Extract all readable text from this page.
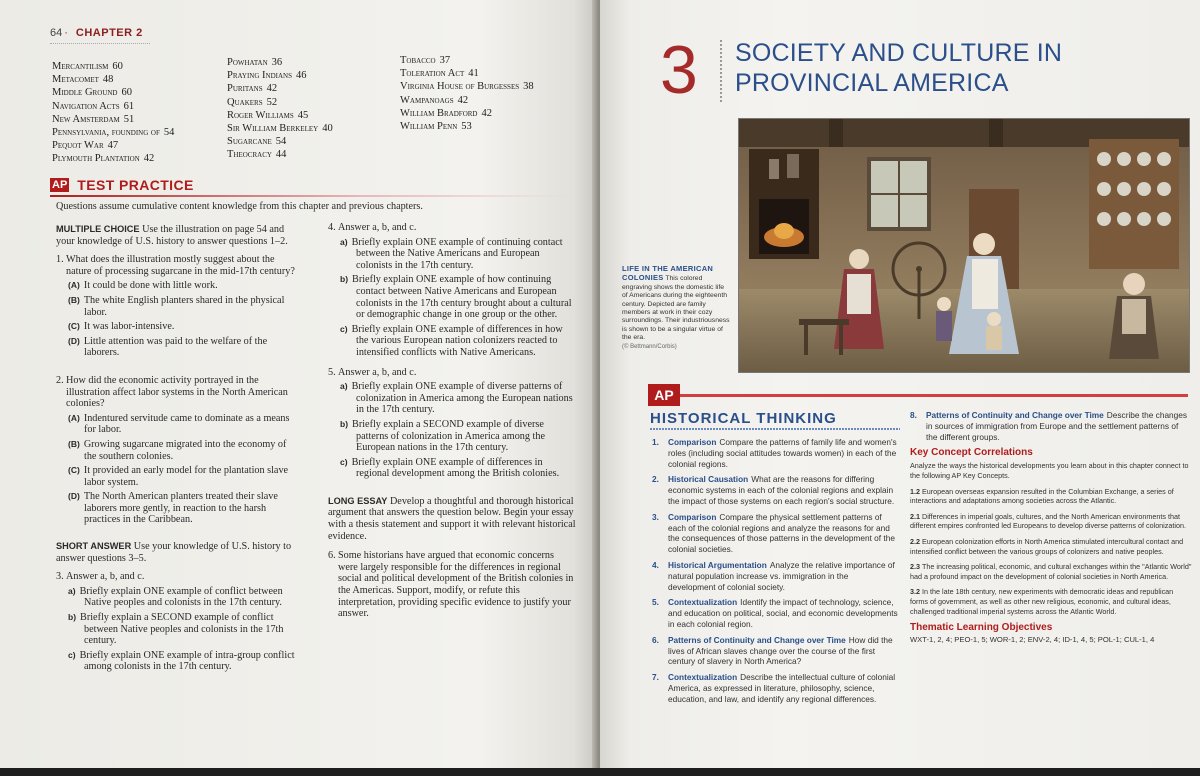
64 · CHAPTER 2
Mercantilism 60
Metacomet 48
Middle Ground 60
Navigation Acts 61
New Amsterdam 51
Pennsylvania, founding of 54
Pequot War 47
Plymouth Plantation 42
Powhatan 36
Praying Indians 46
Puritans 42
Quakers 52
Roger Williams 45
Sir William Berkeley 40
Sugarcane 54
Theocracy 44
Tobacco 37
Toleration Act 41
Virginia House of Burgesses 38
Wampanoags 42
William Bradford 42
William Penn 53
AP TEST PRACTICE
Questions assume cumulative content knowledge from this chapter and previous chapters.
MULTIPLE CHOICE Use the illustration on page 54 and your knowledge of U.S. history to answer questions 1–2.
1. What does the illustration mostly suggest about the nature of processing sugarcane in the mid-17th century?
(A) It could be done with little work.
(B) The white English planters shared in the physical labor.
(C) It was labor-intensive.
(D) Little attention was paid to the welfare of the laborers.
2. How did the economic activity portrayed in the illustration affect labor systems in the North American colonies?
(A) Indentured servitude came to dominate as a means for labor.
(B) Growing sugarcane migrated into the economy of the southern colonies.
(C) It provided an early model for the plantation slave labor system.
(D) The North American planters treated their slave laborers more gently, in reaction to the harsh practices in the Caribbean.
SHORT ANSWER Use your knowledge of U.S. history to answer questions 3–5.
3. Answer a, b, and c.
a) Briefly explain ONE example of conflict between Native peoples and colonists in the 17th century.
b) Briefly explain a SECOND example of conflict between Native peoples and colonists in the 17th century.
c) Briefly explain ONE example of intra-group conflict among colonists in the 17th century.
4. Answer a, b, and c.
a) Briefly explain ONE example of continuing contact between the Native Americans and European colonists in the 17th century.
b) Briefly explain ONE example of how continuing contact between Native Americans and European colonists in the 17th century brought about a cultural or demographic change in one group or the other.
c) Briefly explain ONE example of differences in how the various European nation colonizers reacted to intensified conflicts with Native Americans.
5. Answer a, b, and c.
a) Briefly explain ONE example of diverse patterns of colonization in America among the European nations in the 17th century.
b) Briefly explain a SECOND example of diverse patterns of colonization in America among the European nations in the 17th century.
c) Briefly explain ONE example of differences in regional development among the British colonies.
LONG ESSAY Develop a thoughtful and thorough historical argument that answers the question below. Begin your essay with a thesis statement and support it with relevant historical evidence.
6. Some historians have argued that economic concerns were largely responsible for the differences in regional social and political development of the British colonies in the Americas. Support, modify, or refute this interpretation, providing specific evidence to justify your answer.
3 SOCIETY AND CULTURE IN
PROVINCIAL AMERICA
LIFE IN THE AMERICAN COLONIES This colored engraving shows the domestic life of Americans during the eighteenth century. Depicted are family members at work in their cozy surroundings. Their industriousness is shown to be a singular virtue of the era.
(© Bettmann/Corbis)
AP
HISTORICAL THINKING
1. Comparison Compare the patterns of family life and women's roles (including social attitudes towards women) in each of the colonial regions.
2. Historical Causation What are the reasons for differing economic systems in each of the colonial regions and explain the impact of those systems on each region's social structure.
3. Comparison Compare the physical settlement patterns of each of the colonial regions and analyze the reasons for and the consequences of those patterns in the development of the colonial societies.
4. Historical Argumentation Analyze the relative importance of natural population increase vs. immigration in the development of colonial society.
5. Contextualization Identify the impact of technology, science, and education on political, social, and economic developments in each colonial region.
6. Patterns of Continuity and Change over Time How did the lives of African slaves change over the course of the first century of slavery in North America?
7. Contextualization Describe the intellectual culture of colonial America, as expressed in literature, philosophy, science, education, and law, and identify any regional differences.
8. Patterns of Continuity and Change over Time Describe the changes in sources of immigration from Europe and the settlement patterns of the different groups.
Key Concept Correlations

Analyze the ways the historical developments you learn about in this chapter connect to the following AP Key Concepts.

1.2 European overseas expansion resulted in the Columbian Exchange, a series of interactions and adaptations among societies across the Atlantic.

2.1 Differences in imperial goals, cultures, and the North American environments that different empires confronted led Europeans to develop diverse patterns of colonization.

2.2 European colonization efforts in North America stimulated intercultural contact and intensified conflict between the various groups of colonizers and native peoples.

2.3 The increasing political, economic, and cultural exchanges within the "Atlantic World" had a profound impact on the development of colonial societies in North America.

3.2 In the late 18th century, new experiments with democratic ideas and republican forms of government, as well as other new religious, economic, and cultural ideas, challenged traditional imperial systems across the Atlantic World.

Thematic Learning Objectives
WXT-1, 2, 4; PEO-1, 5; WOR-1, 2; ENV-2, 4; ID-1, 4, 5; POL-1; CUL-1, 4
